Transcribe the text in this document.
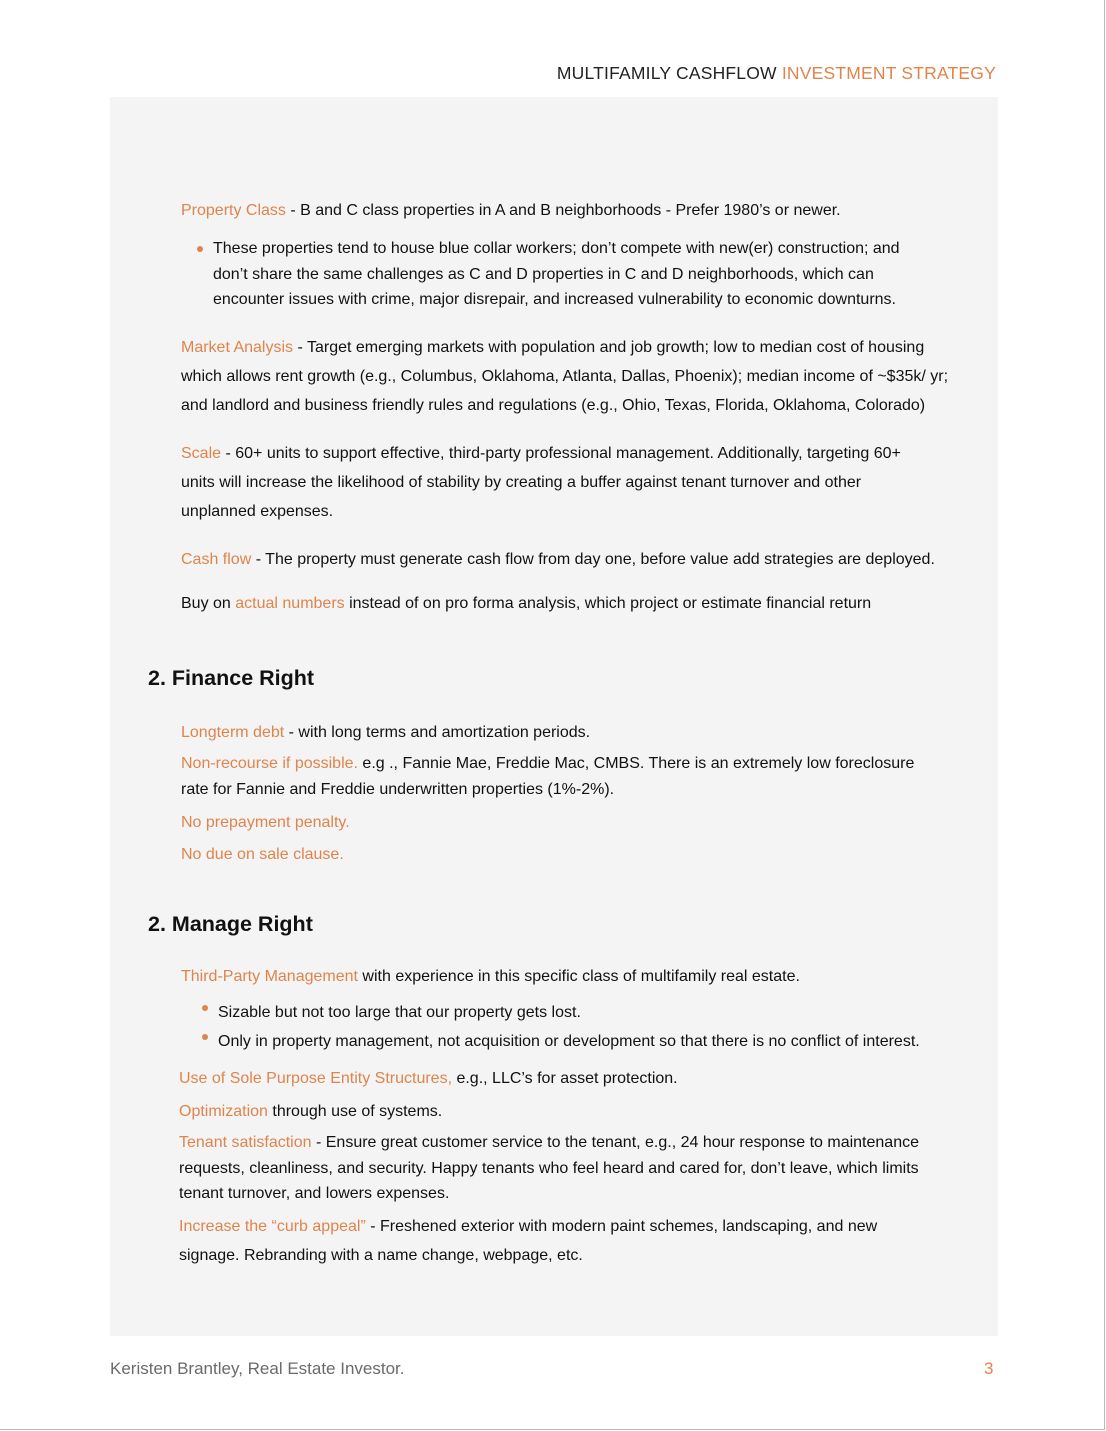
MULTIFAMILY CASHFLOW INVESTMENT STRATEGY
Property Class - B and C class properties in A and B neighborhoods - Prefer 1980’s or newer.
These properties tend to house blue collar workers; don’t compete with new(er) construction; and
don’t share the same challenges as C and D properties in C and D neighborhoods, which can
encounter issues with crime, major disrepair, and increased vulnerability to economic downturns.
Market Analysis - Target emerging markets with population and job growth; low to median cost of housing
which allows rent growth (e.g., Columbus, Oklahoma, Atlanta, Dallas, Phoenix); median income of ~$35k/ yr;
and landlord and business friendly rules and regulations (e.g., Ohio, Texas, Florida, Oklahoma, Colorado)
Scale - 60+ units to support effective, third-party professional management. Additionally, targeting 60+
units will increase the likelihood of stability by creating a buffer against tenant turnover and other
unplanned expenses.
Cash flow - The property must generate cash flow from day one, before value add strategies are deployed.
Buy on actual numbers instead of on pro forma analysis, which project or estimate financial return
2. Finance Right
Longterm debt - with long terms and amortization periods.
Non-recourse if possible. e.g ., Fannie Mae, Freddie Mac, CMBS. There is an extremely low foreclosure
rate for Fannie and Freddie underwritten properties (1%-2%).
No prepayment penalty.
No due on sale clause.
2. Manage Right
Third-Party Management with experience in this specific class of multifamily real estate.
Sizable but not too large that our property gets lost.
Only in property management, not acquisition or development so that there is no conflict of interest.
Use of Sole Purpose Entity Structures, e.g., LLC’s for asset protection.
Optimization through use of systems.
Tenant satisfaction - Ensure great customer service to the tenant, e.g., 24 hour response to maintenance
requests, cleanliness, and security. Happy tenants who feel heard and cared for, don’t leave, which limits
tenant turnover, and lowers expenses.
Increase the “curb appeal” - Freshened exterior with modern paint schemes, landscaping, and new
signage. Rebranding with a name change, webpage, etc.
Keristen Brantley, Real Estate Investor.	3
